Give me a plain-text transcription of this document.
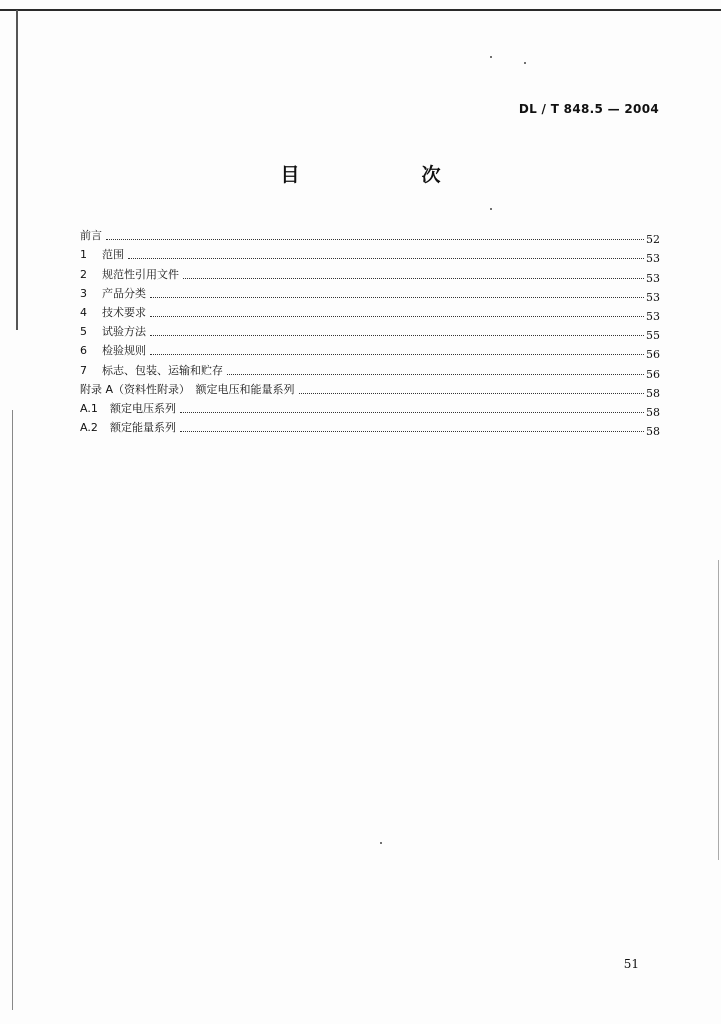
DL / T 848.5 — 2004
目　　次
前言	52
1 范围	53
2 规范性引用文件	53
3 产品分类	53
4 技术要求	53
5 试验方法	55
6 检验规则	56
7 标志、包装、运输和贮存	56
附录 A（资料性附录）　额定电压和能量系列	58
A.1 额定电压系列	58
A.2 额定能量系列	58
51
